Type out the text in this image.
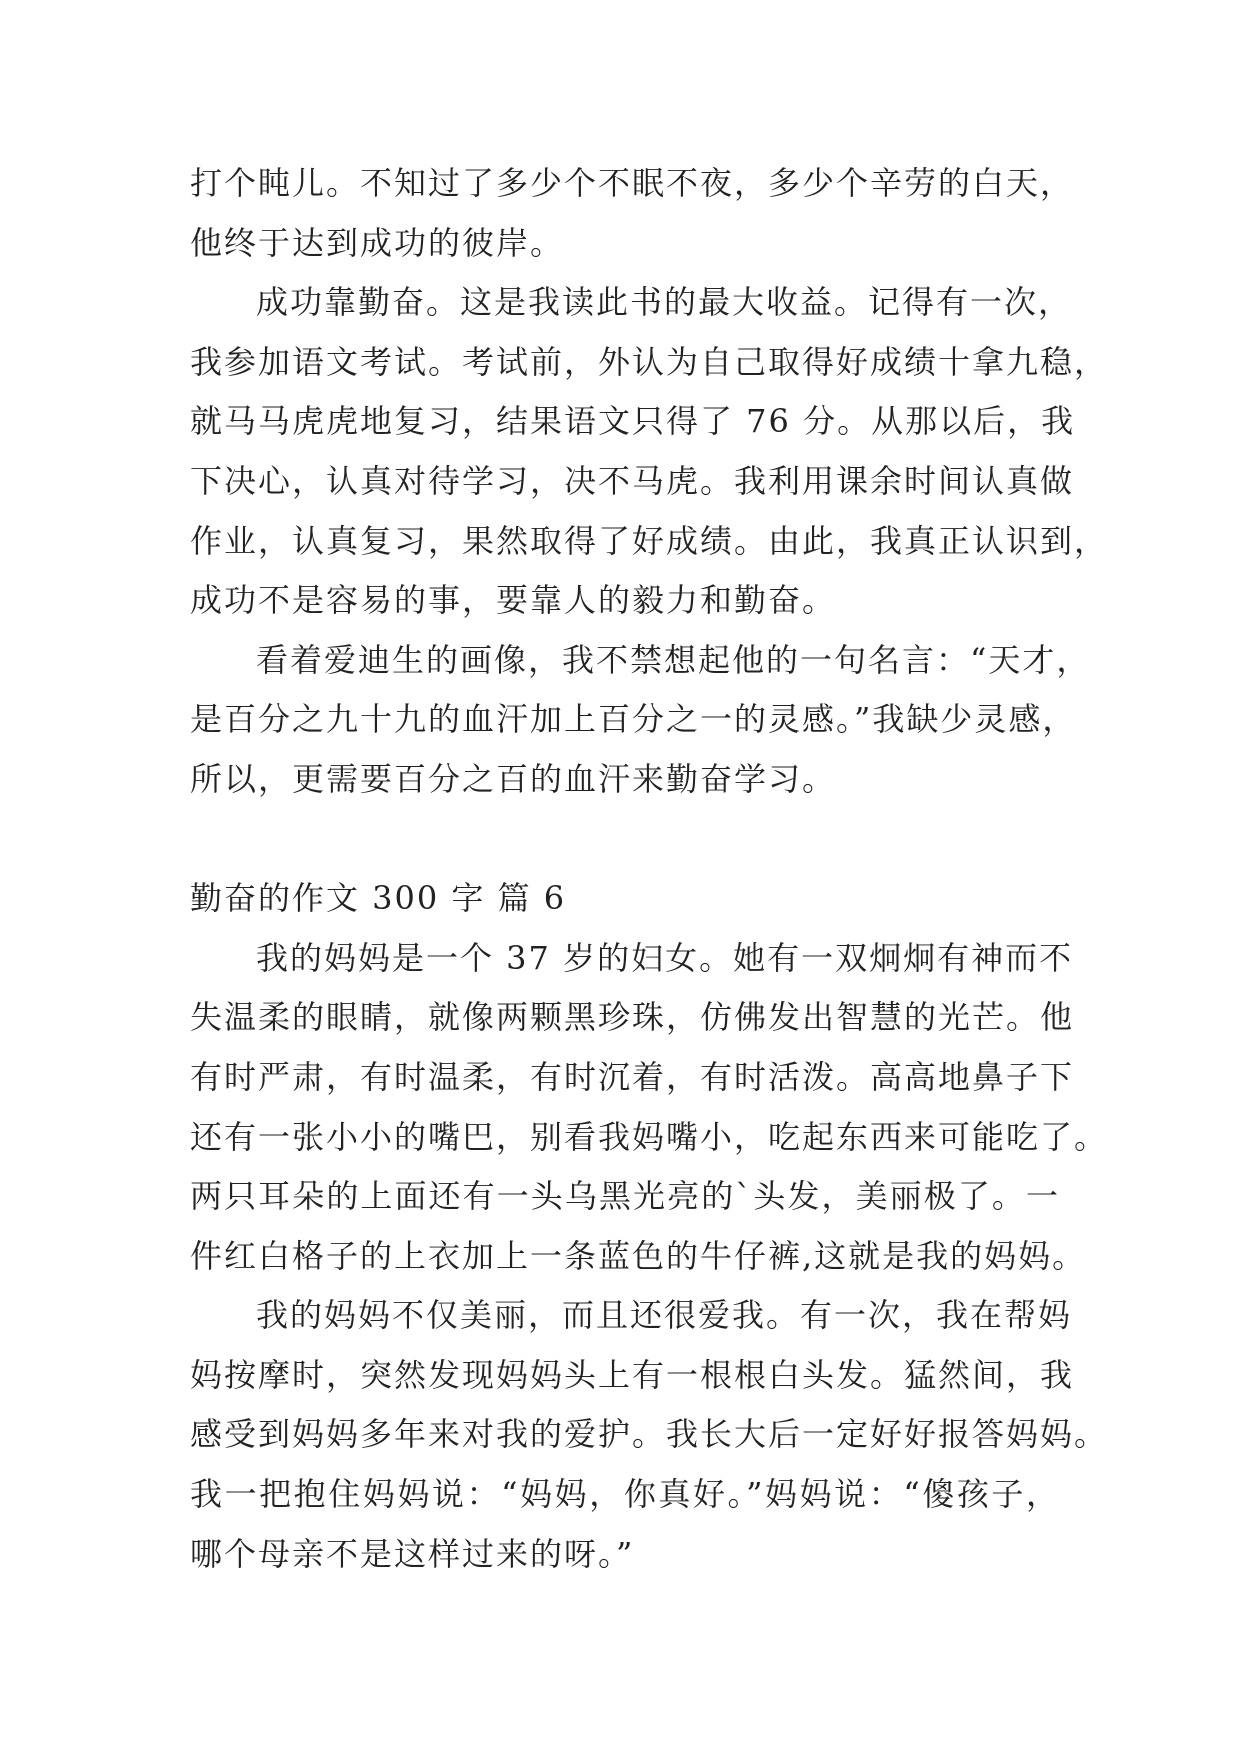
打个盹儿。不知过了多少个不眠不夜，多少个辛劳的白天，
他终于达到成功的彼岸。
成功靠勤奋。这是我读此书的最大收益。记得有一次，
我参加语文考试。考试前，外认为自己取得好成绩十拿九稳，
就马马虎虎地复习，结果语文只得了 76 分。从那以后，我
下决心，认真对待学习，决不马虎。我利用课余时间认真做
作业，认真复习，果然取得了好成绩。由此，我真正认识到，
成功不是容易的事，要靠人的毅力和勤奋。
看着爱迪生的画像，我不禁想起他的一句名言：“天才，
是百分之九十九的血汗加上百分之一的灵感。”我缺少灵感，
所以，更需要百分之百的血汗来勤奋学习。
勤奋的作文 300 字 篇 6
我的妈妈是一个 37 岁的妇女。她有一双炯炯有神而不
失温柔的眼睛，就像两颗黑珍珠，仿佛发出智慧的光芒。他
有时严肃，有时温柔，有时沉着，有时活泼。高高地鼻子下
还有一张小小的嘴巴，别看我妈嘴小，吃起东西来可能吃了。
两只耳朵的上面还有一头乌黑光亮的`头发，美丽极了。一
件红白格子的上衣加上一条蓝色的牛仔裤,这就是我的妈妈。
我的妈妈不仅美丽，而且还很爱我。有一次，我在帮妈
妈按摩时，突然发现妈妈头上有一根根白头发。猛然间，我
感受到妈妈多年来对我的爱护。我长大后一定好好报答妈妈。
我一把抱住妈妈说：“妈妈，你真好。”妈妈说：“傻孩子，
哪个母亲不是这样过来的呀。”
